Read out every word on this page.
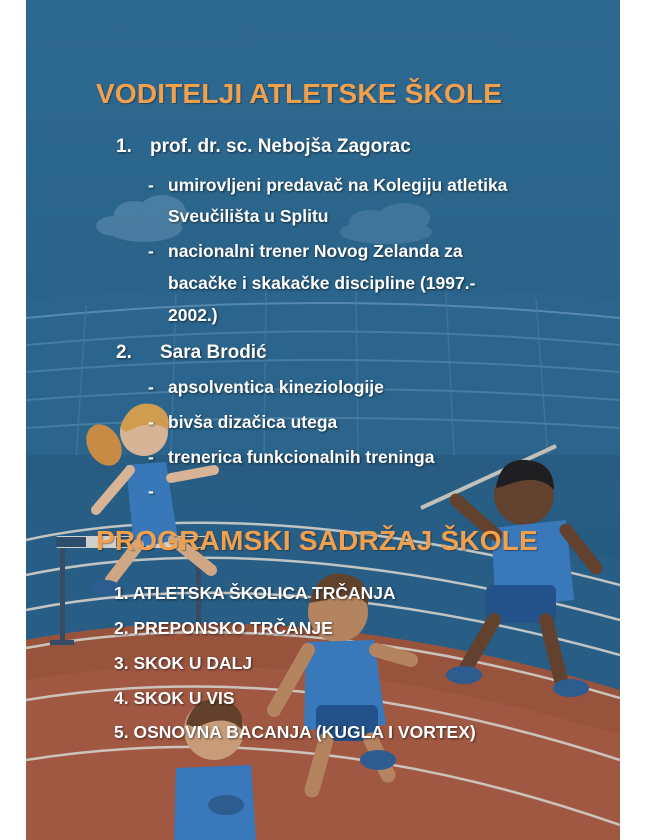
VODITELJI ATLETSKE ŠKOLE
1. prof. dr. sc. Nebojša Zagorac
- umirovljeni predavač na Kolegiju atletika
Sveučilišta u Splitu
- nacionalni trener Novog Zelanda za
bacačke i skakačke discipline (1997.-
2002.)
2. Sara Brodić
- apsolventica kineziologije
- bivša dizačica utega
- trenerica funkcionalnih treninga
-
PROGRAMSKI SADRŽAJ ŠKOLE
1. ATLETSKA ŠKOLICA TRČANJA
2. PREPONSKO TRČANJE
3. SKOK U DALJ
4. SKOK U VIS
5. OSNOVNA BACANJA (KUGLA I VORTEX)
